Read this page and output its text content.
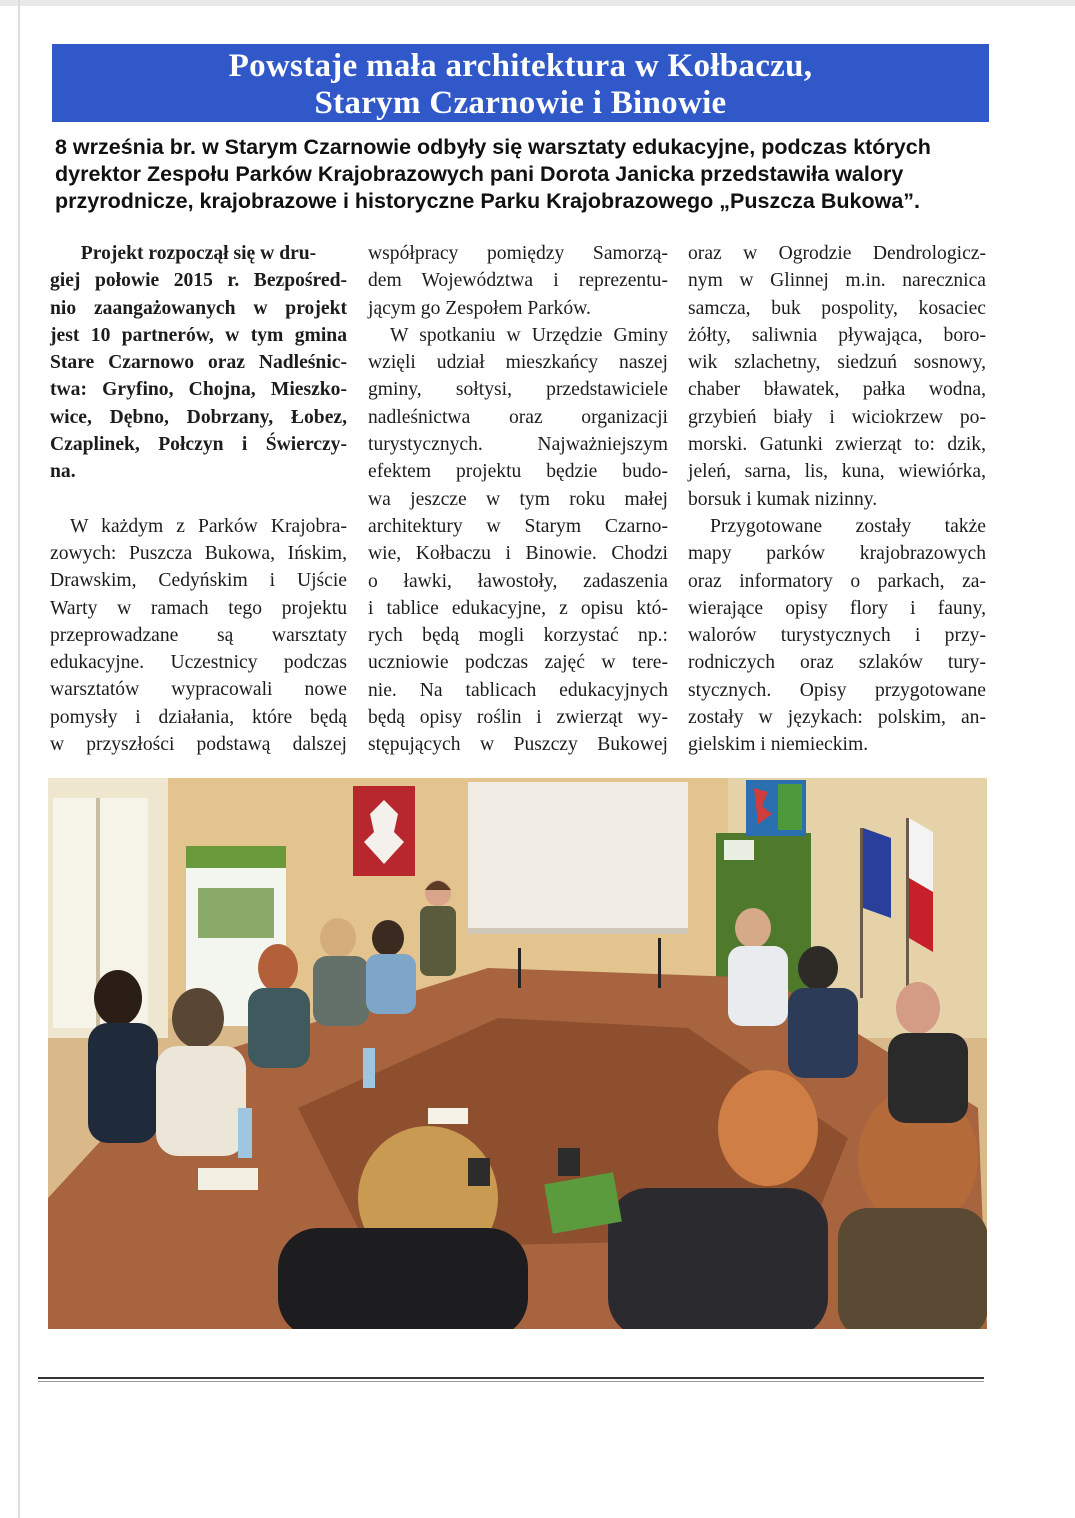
Powstaje mała architektura w Kołbaczu,
Starym Czarnowie i Binowie
8 września br. w Starym Czarnowie odbyły się warsztaty edukacyjne, podczas których
dyrektor Zespołu Parków Krajobrazowych pani Dorota Janicka przedstawiła walory
przyrodnicze, krajobrazowe i historyczne Parku Krajobrazowego „Puszcza Bukowa”.
Projekt rozpoczął się w dru-
giej połowie 2015 r. Bezpośred-
nio zaangażowanych w projekt
jest 10 partnerów, w tym gmina
Stare Czarnowo oraz Nadleśnic-
twa: Gryfino, Chojna, Mieszko-
wice, Dębno, Dobrzany, Łobez,
Czaplinek, Połczyn i Świerczy-
na.
W każdym z Parków Krajobra-
zowych: Puszcza Bukowa, Ińskim,
Drawskim, Cedyńskim i Ujście
Warty w ramach tego projektu
przeprowadzane są warsztaty
edukacyjne. Uczestnicy podczas
warsztatów wypracowali nowe
pomysły i działania, które będą
w przyszłości podstawą dalszej
współpracy pomiędzy Samorzą-
dem Województwa i reprezentu-
jącym go Zespołem Parków.
W spotkaniu w Urzędzie Gminy
wzięli udział mieszkańcy naszej
gminy, sołtysi, przedstawiciele
nadleśnictwa oraz organizacji
turystycznych. Najważniejszym
efektem projektu będzie budo-
wa jeszcze w tym roku małej
architektury w Starym Czarno-
wie, Kołbaczu i Binowie. Chodzi
o ławki, ławostoły, zadaszenia
i tablice edukacyjne, z opisu któ-
rych będą mogli korzystać np.:
uczniowie podczas zajęć w tere-
nie. Na tablicach edukacyjnych
będą opisy roślin i zwierząt wy-
stępujących w Puszczy Bukowej
oraz w Ogrodzie Dendrologicz-
nym w Glinnej m.in. narecznica
samcza, buk pospolity, kosaciec
żółty, saliwnia pływająca, boro-
wik szlachetny, siedzuń sosnowy,
chaber bławatek, pałka wodna,
grzybień biały i wiciokrzew po-
morski. Gatunki zwierząt to: dzik,
jeleń, sarna, lis, kuna, wiewiórka,
borsuk i kumak nizinny.
Przygotowane zostały także
mapy parków krajobrazowych
oraz informatory o parkach, za-
wierające opisy flory i fauny,
walorów turystycznych i przy-
rodniczych oraz szlaków tury-
stycznych. Opisy przygotowane
zostały w językach: polskim, an-
gielskim i niemieckim.
